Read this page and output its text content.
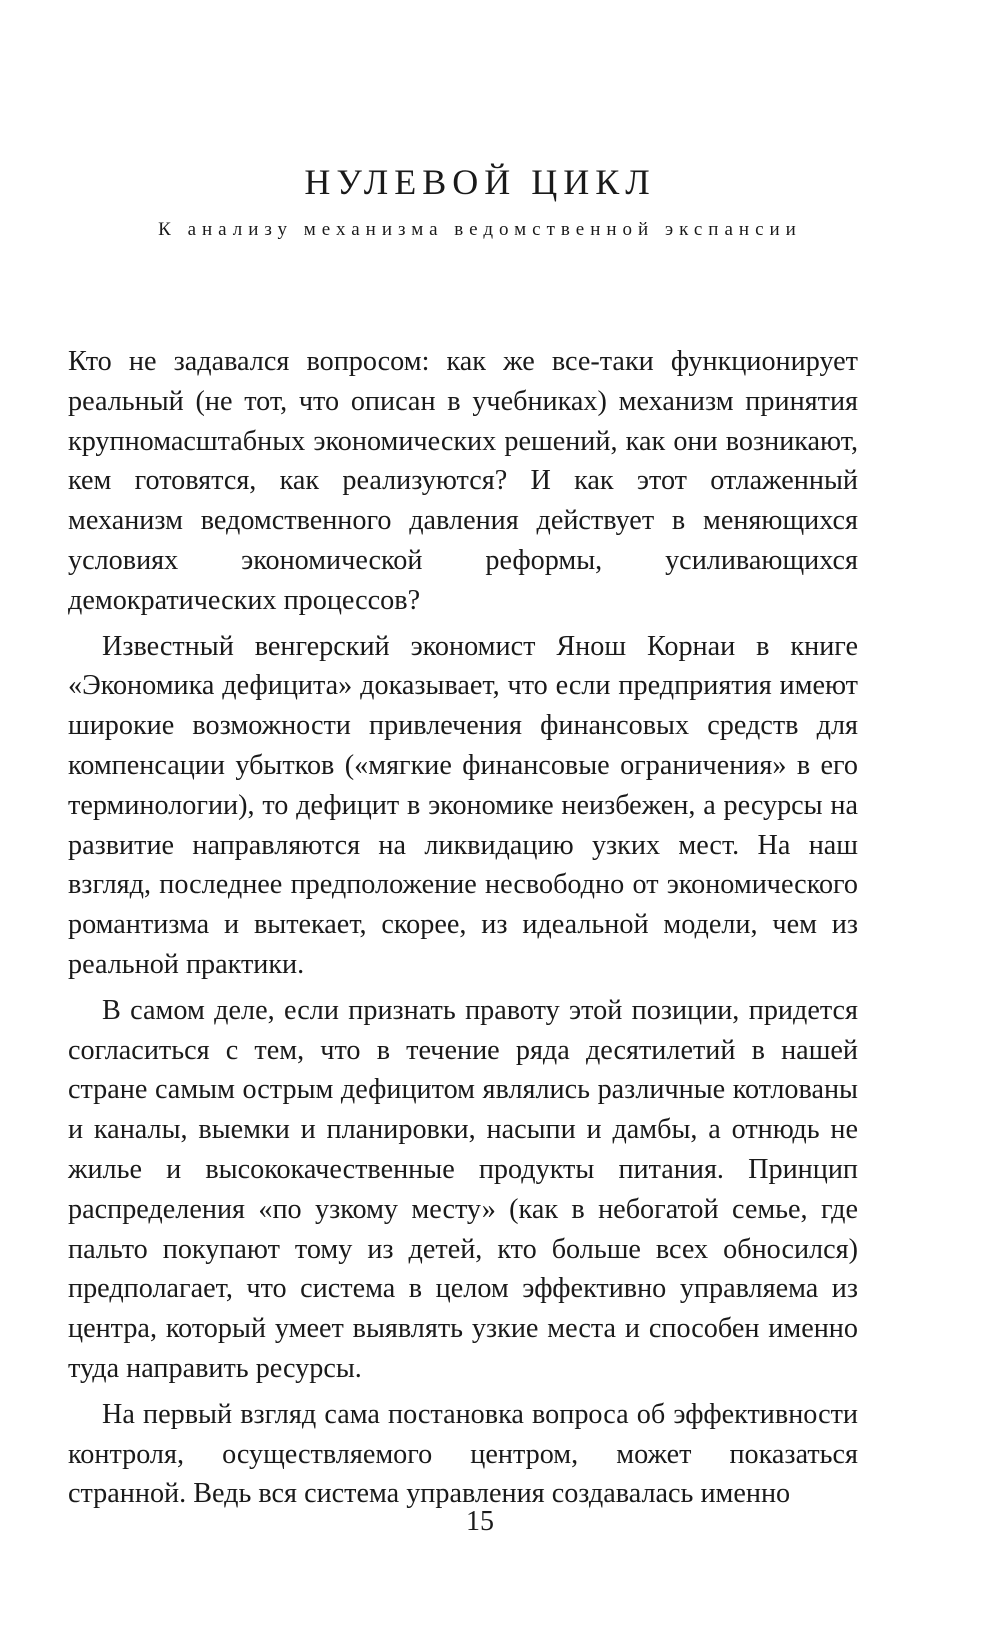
НУЛЕВОЙ ЦИКЛ
К анализу механизма ведомственной экспансии

Кто не задавался вопросом: как же все-таки функционирует реальный (не тот, что описан в учебниках) механизм принятия крупномасштабных экономических решений, как они возникают, кем готовятся, как реализуются? И как этот отлаженный механизм ведомственного давления действует в меняющихся условиях экономической реформы, усиливающихся демократических процессов?

Известный венгерский экономист Янош Корнаи в книге «Экономика дефицита» доказывает, что если предприятия имеют широкие возможности привлечения финансовых средств для компенсации убытков («мягкие финансовые ограничения» в его терминологии), то дефицит в экономике неизбежен, а ресурсы на развитие направляются на ликвидацию узких мест. На наш взгляд, последнее предположение несвободно от экономического романтизма и вытекает, скорее, из идеальной модели, чем из реальной практики.

В самом деле, если признать правоту этой позиции, придется согласиться с тем, что в течение ряда десятилетий в нашей стране самым острым дефицитом являлись различные котлованы и каналы, выемки и планировки, насыпи и дамбы, а отнюдь не жилье и высококачественные продукты питания. Принцип распределения «по узкому месту» (как в небогатой семье, где пальто покупают тому из детей, кто больше всех обносился) предполагает, что система в целом эффективно управляема из центра, который умеет выявлять узкие места и способен именно туда направить ресурсы.

На первый взгляд сама постановка вопроса об эффективности контроля, осуществляемого центром, может показаться странной. Ведь вся система управления создавалась именно

15
